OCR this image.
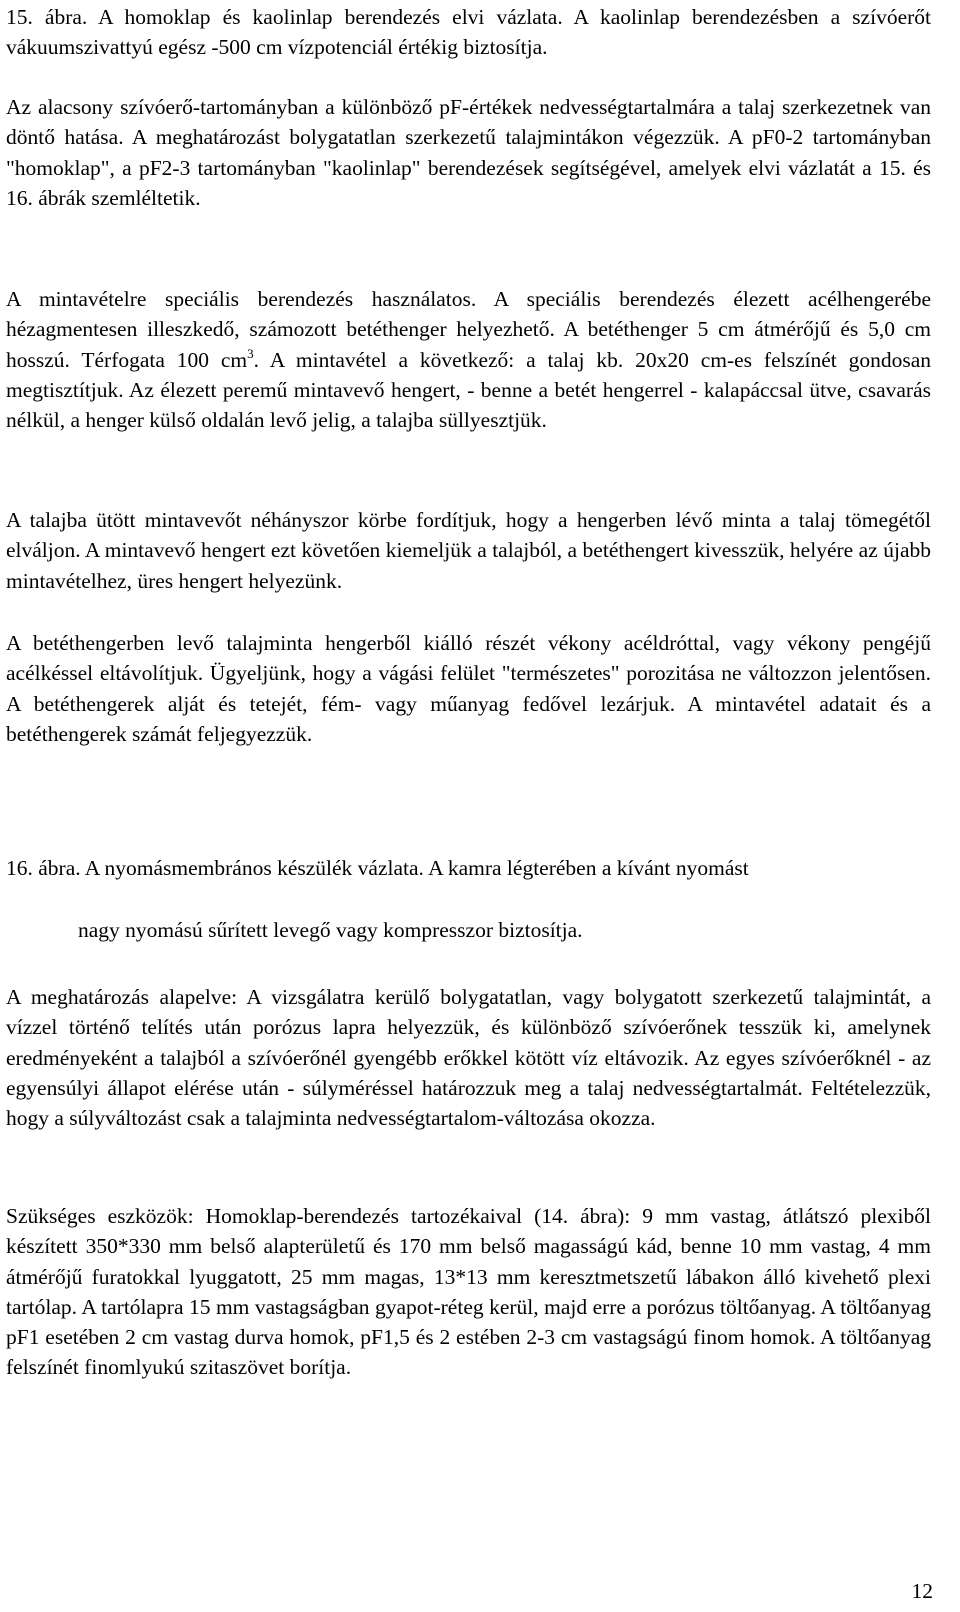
15. ábra. A homoklap és kaolinlap berendezés elvi vázlata. A kaolinlap berendezésben a szívóerőt vákuumszivattyú egész -500 cm vízpotenciál értékig biztosítja.

Az alacsony szívóerő-tartományban a különböző pF-értékek nedvességtartalmára a talaj szerkezetnek van döntő hatása. A meghatározást bolygatatlan szerkezetű talajmintákon végezzük. A pF0-2 tartományban "homoklap", a pF2-3 tartományban "kaolinlap" berendezések segítségével, amelyek elvi vázlatát a 15. és 16. ábrák szemléltetik.

A mintavételre speciális berendezés használatos. A speciális berendezés élezett acélhengerébe hézagmentesen illeszkedő, számozott betéthenger helyezhető. A betéthenger 5 cm átmérőjű és 5,0 cm hosszú. Térfogata 100 $cm^3$. A mintavétel a következő: a talaj kb. 20x20 cm-es felszínét gondosan megtisztítjuk. Az élezett peremű mintavevő hengert, - benne a betét hengerrel - kalapáccsal ütve, csavarás nélkül, a henger külső oldalán levő jelig, a talajba süllyesztjük.

A talajba ütött mintavevőt néhányszor körbe fordítjuk, hogy a hengerben lévő minta a talaj tömegétől elváljon. A mintavevő hengert ezt követően kiemeljük a talajból, a betéthengert kivesszük, helyére az újabb mintavételhez, üres hengert helyezünk.

A betéthengerben levő talajminta hengerből kiálló részét vékony acéldróttal, vagy vékony pengéjű acélkéssel eltávolítjuk. Ügyeljünk, hogy a vágási felület "természetes" porozitása ne változzon jelentősen. A betéthengerek alját és tetejét, fém- vagy műanyag fedővel lezárjuk. A mintavétel adatait és a betéthengerek számát feljegyezzük.

16. ábra. A nyomásmembrános készülék vázlata. A kamra légterében a kívánt nyomást

nagy nyomású sűrített levegő vagy kompresszor biztosítja.

A meghatározás alapelve: A vizsgálatra kerülő bolygatatlan, vagy bolygatott szerkezetű talajmintát, a vízzel történő telítés után porózus lapra helyezzük, és különböző szívóerőnek tesszük ki, amelynek eredményeként a talajból a szívóerőnél gyengébb erőkkel kötött víz eltávozik. Az egyes szívóerőknél - az egyensúlyi állapot elérése után - súlyméréssel határozzuk meg a talaj nedvességtartalmát. Feltételezzük, hogy a súlyváltozást csak a talajminta nedvességtartalom-változása okozza.

Szükséges eszközök: Homoklap-berendezés tartozékaival (14. ábra): 9 mm vastag, átlátszó plexiből készített 350*330 mm belső alapterületű és 170 mm belső magasságú kád, benne 10 mm vastag, 4 mm átmérőjű furatokkal lyuggatott, 25 mm magas, 13*13 mm keresztmetszetű lábakon álló kivehető plexi tartólap. A tartólapra 15 mm vastagságban gyapot-réteg kerül, majd erre a porózus töltőanyag. A töltőanyag pF1 esetében 2 cm vastag durva homok, pF1,5 és 2 estében 2-3 cm vastagságú finom homok. A töltőanyag felszínét finomlyukú szitaszövet borítja.

12
